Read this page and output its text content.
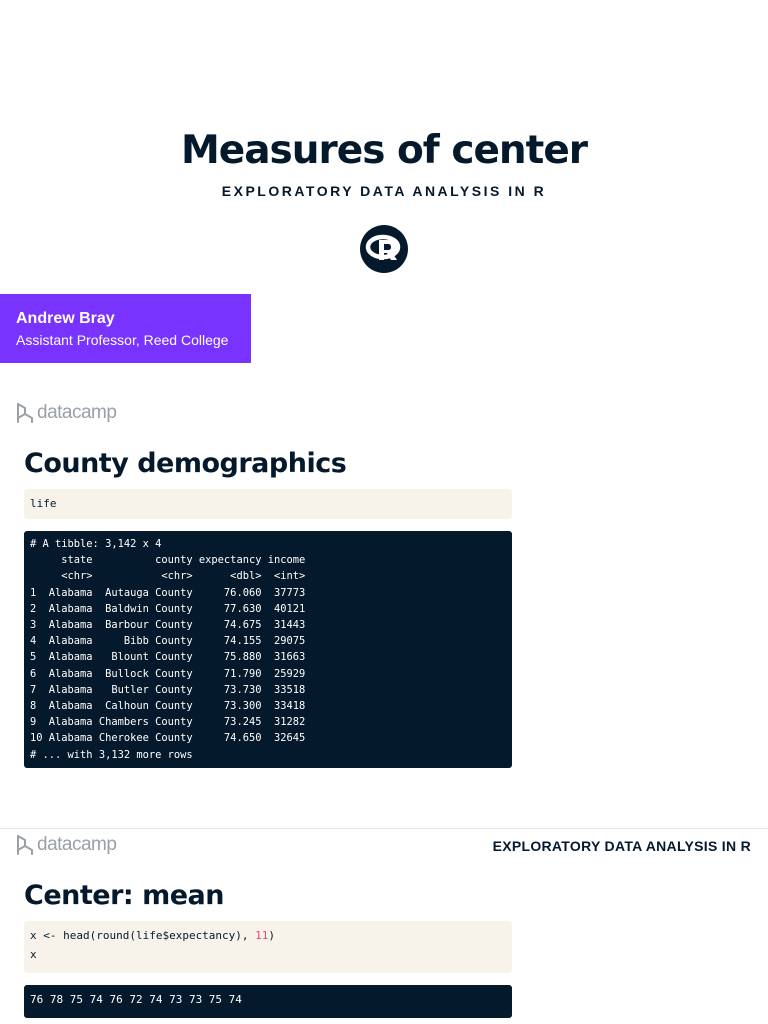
Measures of center
EXPLORATORY DATA ANALYSIS IN R
Andrew Bray
Assistant Professor, Reed College
datacamp
County demographics
life
# A tibble: 3,142 x 4
state          county expectancy income
<chr>           <chr>      <dbl>  <int>
1  Alabama  Autauga County     76.060  37773
2  Alabama  Baldwin County     77.630  40121
3  Alabama  Barbour County     74.675  31443
4  Alabama     Bibb County     74.155  29075
5  Alabama   Blount County     75.880  31663
6  Alabama  Bullock County     71.790  25929
7  Alabama   Butler County     73.730  33518
8  Alabama  Calhoun County     73.300  33418
9  Alabama Chambers County     73.245  31282
10 Alabama Cherokee County     74.650  32645
# ... with 3,132 more rows
datacamp	EXPLORATORY DATA ANALYSIS IN R
Center: mean
x <- head(round(life$expectancy), 11)
x
76 78 75 74 76 72 74 73 73 75 74
